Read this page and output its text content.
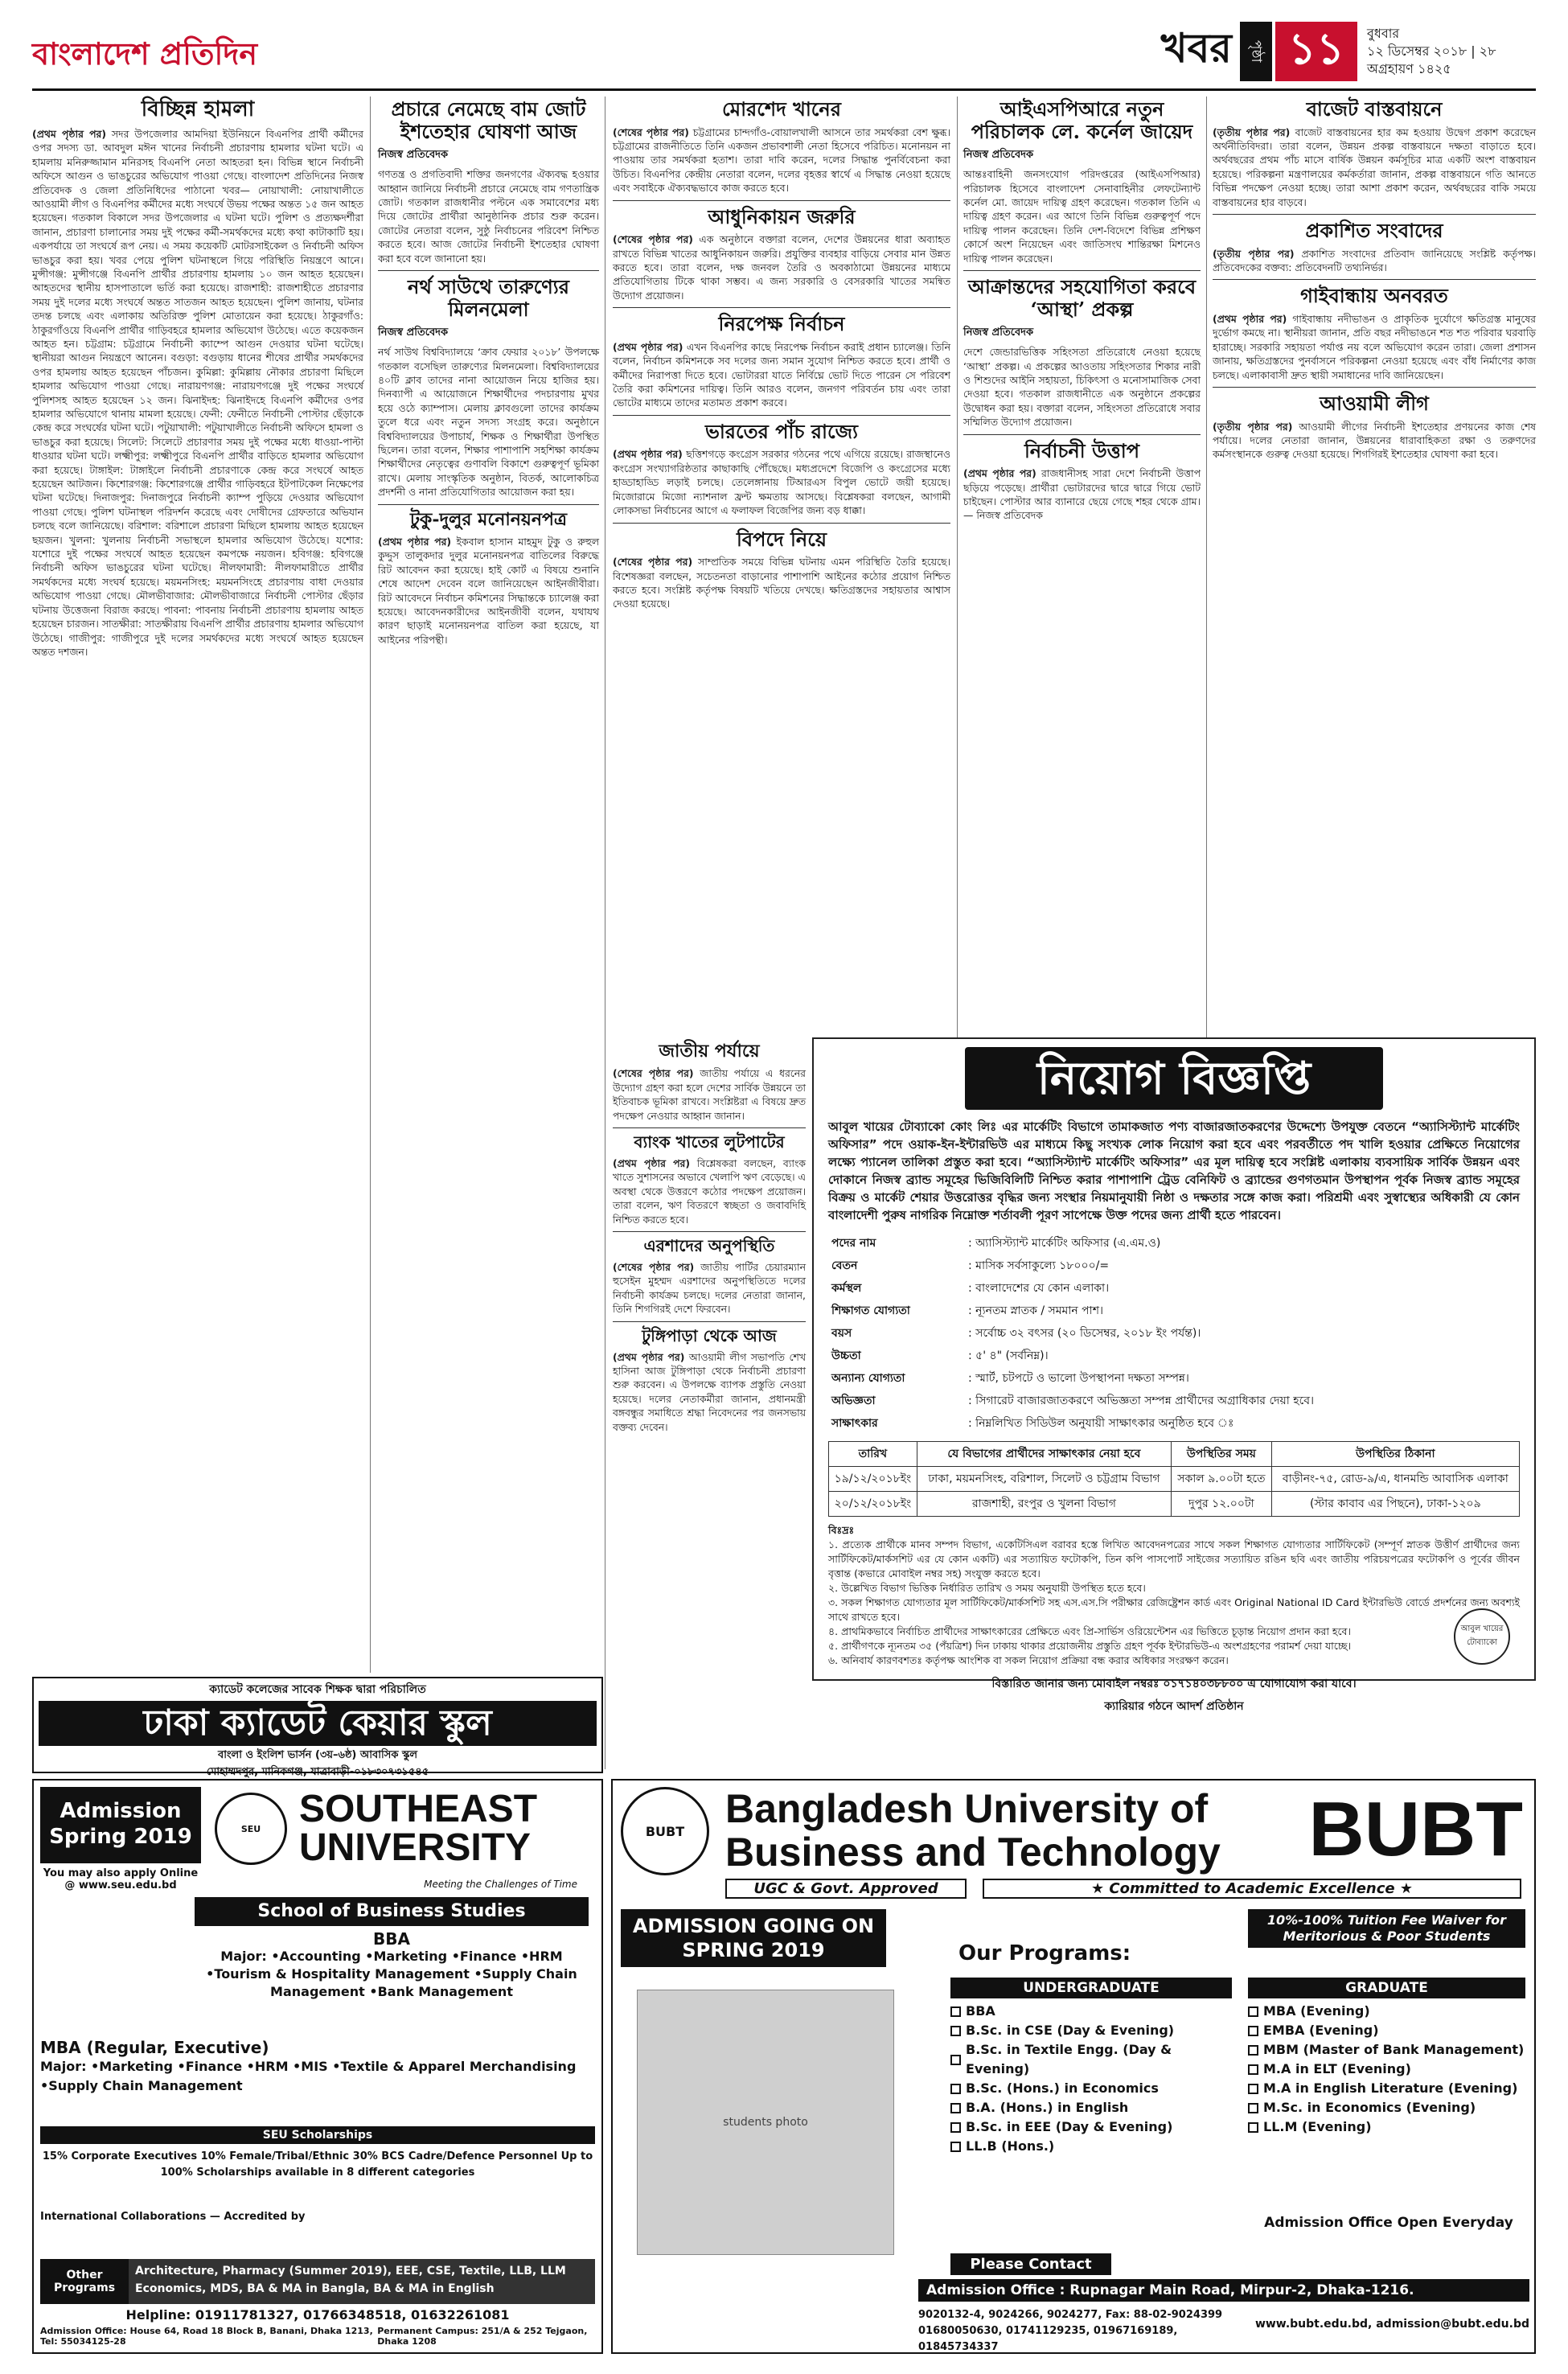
বাংলাদেশ প্রতিদিন	খবর	পৃষ্ঠা ১১	বুধবার
১২ ডিসেম্বর ২০১৮ | ২৮ অগ্রহায়ণ ১৪২৫
বিচ্ছিন্ন হামলা
(প্রথম পৃষ্ঠার পর) সদর উপজেলার আমদিয়া ইউনিয়নে বিএনপির প্রার্থী কর্মীদের ওপর সদস্য ডা. আবদুল মঈন খানের নির্বাচনী প্রচারণায় হামলার ঘটনা ঘটে। এ হামলায় মনিরুজ্জামান মনিরসহ বিএনপি নেতা আহতরা হন। বিভিন্ন স্থানে নির্বাচনী অফিসে আগুন ও ভাঙচুরের অভিযোগ পাওয়া গেছে। বাংলাদেশ প্রতিদিনের নিজস্ব প্রতিবেদক ও জেলা প্রতিনিধিদের পাঠানো খবর— নোয়াখালী: নোয়াখালীতে আওয়ামী লীগ ও বিএনপির কর্মীদের মধ্যে সংঘর্ষে উভয় পক্ষের অন্তত ১৫ জন আহত হয়েছেন। গতকাল বিকালে সদর উপজেলার এ ঘটনা ঘটে। পুলিশ ও প্রত্যক্ষদর্শীরা জানান, প্রচারণা চালানোর সময় দুই পক্ষের কর্মী-সমর্থকদের মধ্যে কথা কাটাকাটি হয়। একপর্যায়ে তা সংঘর্ষে রূপ নেয়। এ সময় কয়েকটি মোটরসাইকেল ও নির্বাচনী অফিস ভাঙচুর করা হয়। খবর পেয়ে পুলিশ ঘটনাস্থলে গিয়ে পরিস্থিতি নিয়ন্ত্রণে আনে। মুন্সীগঞ্জ: মুন্সীগঞ্জে বিএনপি প্রার্থীর প্রচারণায় হামলায় ১০ জন আহত হয়েছেন। আহতদের স্থানীয় হাসপাতালে ভর্তি করা হয়েছে। রাজশাহী: রাজশাহীতে প্রচারণার সময় দুই দলের মধ্যে সংঘর্ষে অন্তত সাতজন আহত হয়েছেন। পুলিশ জানায়, ঘটনার তদন্ত চলছে এবং এলাকায় অতিরিক্ত পুলিশ মোতায়েন করা হয়েছে। ঠাকুরগাঁও: ঠাকুরগাঁওয়ে বিএনপি প্রার্থীর গাড়িবহরে হামলার অভিযোগ উঠেছে। এতে কয়েকজন আহত হন। চট্টগ্রাম: চট্টগ্রামে নির্বাচনী ক্যাম্পে আগুন দেওয়ার ঘটনা ঘটেছে। স্থানীয়রা আগুন নিয়ন্ত্রণে আনেন। বগুড়া: বগুড়ায় ধানের শীষের প্রার্থীর সমর্থকদের ওপর হামলায় আহত হয়েছেন পাঁচজন। কুমিল্লা: কুমিল্লায় নৌকার প্রচারণা মিছিলে হামলার অভিযোগ পাওয়া গেছে। নারায়ণগঞ্জ: নারায়ণগঞ্জে দুই পক্ষের সংঘর্ষে পুলিশসহ আহত হয়েছেন ১২ জন। ঝিনাইদহ: ঝিনাইদহে বিএনপি কর্মীদের ওপর হামলার অভিযোগে থানায় মামলা হয়েছে। ফেনী: ফেনীতে নির্বাচনী পোস্টার ছেঁড়াকে কেন্দ্র করে সংঘর্ষের ঘটনা ঘটে। পটুয়াখালী: পটুয়াখালীতে নির্বাচনী অফিসে হামলা ও ভাঙচুর করা হয়েছে। সিলেট: সিলেটে প্রচারণার সময় দুই পক্ষের মধ্যে ধাওয়া-পাল্টা ধাওয়ার ঘটনা ঘটে। লক্ষ্মীপুর: লক্ষ্মীপুরে বিএনপি প্রার্থীর বাড়িতে হামলার অভিযোগ করা হয়েছে। টাঙ্গাইল: টাঙ্গাইলে নির্বাচনী প্রচারণাকে কেন্দ্র করে সংঘর্ষে আহত হয়েছেন আটজন। কিশোরগঞ্জ: কিশোরগঞ্জে প্রার্থীর গাড়িবহরে ইটপাটকেল নিক্ষেপের ঘটনা ঘটেছে। দিনাজপুর: দিনাজপুরে নির্বাচনী ক্যাম্প পুড়িয়ে দেওয়ার অভিযোগ পাওয়া গেছে। পুলিশ ঘটনাস্থল পরিদর্শন করেছে এবং দোষীদের গ্রেফতারে অভিযান চলছে বলে জানিয়েছে। বরিশাল: বরিশালে প্রচারণা মিছিলে হামলায় আহত হয়েছেন ছয়জন। খুলনা: খুলনায় নির্বাচনী সভাস্থলে হামলার অভিযোগ উঠেছে। যশোর: যশোরে দুই পক্ষের সংঘর্ষে আহত হয়েছেন কমপক্ষে নয়জন। হবিগঞ্জ: হবিগঞ্জে নির্বাচনী অফিস ভাঙচুরের ঘটনা ঘটেছে। নীলফামারী: নীলফামারীতে প্রার্থীর সমর্থকদের মধ্যে সংঘর্ষ হয়েছে। ময়মনসিংহ: ময়মনসিংহে প্রচারণায় বাধা দেওয়ার অভিযোগ পাওয়া গেছে। মৌলভীবাজার: মৌলভীবাজারে নির্বাচনী পোস্টার ছেঁড়ার ঘটনায় উত্তেজনা বিরাজ করছে। পাবনা: পাবনায় নির্বাচনী প্রচারণায় হামলায় আহত হয়েছেন চারজন। সাতক্ষীরা: সাতক্ষীরায় বিএনপি প্রার্থীর প্রচারণায় হামলার অভিযোগ উঠেছে। গাজীপুর: গাজীপুরে দুই দলের সমর্থকদের মধ্যে সংঘর্ষে আহত হয়েছেন অন্তত দশজন।
প্রচারে নেমেছে বাম জোট ইশতেহার ঘোষণা আজ
নিজস্ব প্রতিবেদক
গণতন্ত্র ও প্রগতিবাদী শক্তির জনগণের ঐক্যবদ্ধ হওয়ার আহ্বান জানিয়ে নির্বাচনী প্রচারে নেমেছে বাম গণতান্ত্রিক জোট। গতকাল রাজধানীর পল্টনে এক সমাবেশের মধ্য দিয়ে জোটের প্রার্থীরা আনুষ্ঠানিক প্রচার শুরু করেন। জোটের নেতারা বলেন, সুষ্ঠু নির্বাচনের পরিবেশ নিশ্চিত করতে হবে। আজ জোটের নির্বাচনী ইশতেহার ঘোষণা করা হবে বলে জানানো হয়।
নর্থ সাউথে তারুণ্যের মিলনমেলা
নিজস্ব প্রতিবেদক
নর্থ সাউথ বিশ্ববিদ্যালয়ে ‘ক্রাব ফেয়ার ২০১৮’ উপলক্ষে গতকাল বসেছিল তারুণ্যের মিলনমেলা। বিশ্ববিদ্যালয়ের ৪০টি ক্লাব তাদের নানা আয়োজন নিয়ে হাজির হয়। দিনব্যাপী এ আয়োজনে শিক্ষার্থীদের পদচারণায় মুখর হয়ে ওঠে ক্যাম্পাস। মেলায় ক্লাবগুলো তাদের কার্যক্রম তুলে ধরে এবং নতুন সদস্য সংগ্রহ করে। অনুষ্ঠানে বিশ্ববিদ্যালয়ের উপাচার্য, শিক্ষক ও শিক্ষার্থীরা উপস্থিত ছিলেন। তারা বলেন, শিক্ষার পাশাপাশি সহশিক্ষা কার্যক্রম শিক্ষার্থীদের নেতৃত্বের গুণাবলি বিকাশে গুরুত্বপূর্ণ ভূমিকা রাখে। মেলায় সাংস্কৃতিক অনুষ্ঠান, বিতর্ক, আলোকচিত্র প্রদর্শনী ও নানা প্রতিযোগিতার আয়োজন করা হয়।
টুকু-দুলুর মনোনয়নপত্র
(প্রথম পৃষ্ঠার পর) ইকবাল হাসান মাহমুদ টুকু ও রুহুল কুদ্দুস তালুকদার দুলুর মনোনয়নপত্র বাতিলের বিরুদ্ধে রিট আবেদন করা হয়েছে। হাই কোর্ট এ বিষয়ে শুনানি শেষে আদেশ দেবেন বলে জানিয়েছেন আইনজীবীরা। রিট আবেদনে নির্বাচন কমিশনের সিদ্ধান্তকে চ্যালেঞ্জ করা হয়েছে। আবেদনকারীদের আইনজীবী বলেন, যথাযথ কারণ ছাড়াই মনোনয়নপত্র বাতিল করা হয়েছে, যা আইনের পরিপন্থী।
মোরশেদ খানের
(শেষের পৃষ্ঠার পর) চট্টগ্রামের চান্দগাঁও-বোয়ালখালী আসনে তার সমর্থকরা বেশ ক্ষুব্ধ। চট্টগ্রামের রাজনীতিতে তিনি একজন প্রভাবশালী নেতা হিসেবে পরিচিত। মনোনয়ন না পাওয়ায় তার সমর্থকরা হতাশ। তারা দাবি করেন, দলের সিদ্ধান্ত পুনর্বিবেচনা করা উচিত। বিএনপির কেন্দ্রীয় নেতারা বলেন, দলের বৃহত্তর স্বার্থে এ সিদ্ধান্ত নেওয়া হয়েছে এবং সবাইকে ঐক্যবদ্ধভাবে কাজ করতে হবে।
আধুনিকায়ন জরুরি
(শেষের পৃষ্ঠার পর) এক অনুষ্ঠানে বক্তারা বলেন, দেশের উন্নয়নের ধারা অব্যাহত রাখতে বিভিন্ন খাতের আধুনিকায়ন জরুরি। প্রযুক্তির ব্যবহার বাড়িয়ে সেবার মান উন্নত করতে হবে। তারা বলেন, দক্ষ জনবল তৈরি ও অবকাঠামো উন্নয়নের মাধ্যমে প্রতিযোগিতায় টিকে থাকা সম্ভব। এ জন্য সরকারি ও বেসরকারি খাতের সমন্বিত উদ্যোগ প্রয়োজন।
নিরপেক্ষ নির্বাচন
(প্রথম পৃষ্ঠার পর) এখন বিএনপির কাছে নিরপেক্ষ নির্বাচন করাই প্রধান চ্যালেঞ্জ। তিনি বলেন, নির্বাচন কমিশনকে সব দলের জন্য সমান সুযোগ নিশ্চিত করতে হবে। প্রার্থী ও কর্মীদের নিরাপত্তা দিতে হবে। ভোটাররা যাতে নির্বিঘ্নে ভোট দিতে পারেন সে পরিবেশ তৈরি করা কমিশনের দায়িত্ব। তিনি আরও বলেন, জনগণ পরিবর্তন চায় এবং তারা ভোটের মাধ্যমে তাদের মতামত প্রকাশ করবে।
ভারতের পাঁচ রাজ্যে
(প্রথম পৃষ্ঠার পর) ছত্তিশগড়ে কংগ্রেস সরকার গঠনের পথে এগিয়ে রয়েছে। রাজস্থানেও কংগ্রেস সংখ্যাগরিষ্ঠতার কাছাকাছি পৌঁছেছে। মধ্যপ্রদেশে বিজেপি ও কংগ্রেসের মধ্যে হাড্ডাহাড্ডি লড়াই চলছে। তেলেঙ্গানায় টিআরএস বিপুল ভোটে জয়ী হয়েছে। মিজোরামে মিজো ন্যাশনাল ফ্রন্ট ক্ষমতায় আসছে। বিশ্লেষকরা বলছেন, আগামী লোকসভা নির্বাচনের আগে এ ফলাফল বিজেপির জন্য বড় ধাক্কা।
বিপদে নিয়ে
(শেষের পৃষ্ঠার পর) সাম্প্রতিক সময়ে বিভিন্ন ঘটনায় এমন পরিস্থিতি তৈরি হয়েছে। বিশেষজ্ঞরা বলছেন, সচেতনতা বাড়ানোর পাশাপাশি আইনের কঠোর প্রয়োগ নিশ্চিত করতে হবে। সংশ্লিষ্ট কর্তৃপক্ষ বিষয়টি খতিয়ে দেখছে। ক্ষতিগ্রস্তদের সহায়তার আশ্বাস দেওয়া হয়েছে।
জাতীয় পর্যায়ে
(শেষের পৃষ্ঠার পর) জাতীয় পর্যায়ে এ ধরনের উদ্যোগ গ্রহণ করা হলে দেশের সার্বিক উন্নয়নে তা ইতিবাচক ভূমিকা রাখবে। সংশ্লিষ্টরা এ বিষয়ে দ্রুত পদক্ষেপ নেওয়ার আহ্বান জানান।
ব্যাংক খাতের লুটপাটের
(প্রথম পৃষ্ঠার পর) বিশ্লেষকরা বলছেন, ব্যাংক খাতে সুশাসনের অভাবে খেলাপি ঋণ বেড়েছে। এ অবস্থা থেকে উত্তরণে কঠোর পদক্ষেপ প্রয়োজন। তারা বলেন, ঋণ বিতরণে স্বচ্ছতা ও জবাবদিহি নিশ্চিত করতে হবে।
এরশাদের অনুপস্থিতি
(শেষের পৃষ্ঠার পর) জাতীয় পার্টির চেয়ারম্যান হুসেইন মুহম্মদ এরশাদের অনুপস্থিতিতে দলের নির্বাচনী কার্যক্রম চলছে। দলের নেতারা জানান, তিনি শিগগিরই দেশে ফিরবেন।
টুঙ্গিপাড়া থেকে আজ
(প্রথম পৃষ্ঠার পর) আওয়ামী লীগ সভাপতি শেখ হাসিনা আজ টুঙ্গিপাড়া থেকে নির্বাচনী প্রচারণা শুরু করবেন। এ উপলক্ষে ব্যাপক প্রস্তুতি নেওয়া হয়েছে। দলের নেতাকর্মীরা জানান, প্রধানমন্ত্রী বঙ্গবন্ধুর সমাধিতে শ্রদ্ধা নিবেদনের পর জনসভায় বক্তব্য দেবেন।
আইএসপিআরে নতুন পরিচালক লে. কর্নেল জায়েদ
নিজস্ব প্রতিবেদক
আন্তঃবাহিনী জনসংযোগ পরিদপ্তরের (আইএসপিআর) পরিচালক হিসেবে বাংলাদেশ সেনাবাহিনীর লেফটেন্যান্ট কর্নেল মো. জায়েদ দায়িত্ব গ্রহণ করেছেন। গতকাল তিনি এ দায়িত্ব গ্রহণ করেন। এর আগে তিনি বিভিন্ন গুরুত্বপূর্ণ পদে দায়িত্ব পালন করেছেন। তিনি দেশ-বিদেশে বিভিন্ন প্রশিক্ষণ কোর্সে অংশ নিয়েছেন এবং জাতিসংঘ শান্তিরক্ষা মিশনেও দায়িত্ব পালন করেছেন।
আক্রান্তদের সহযোগিতা করবে ‘আস্থা’ প্রকল্প
নিজস্ব প্রতিবেদক
দেশে জেন্ডারভিত্তিক সহিংসতা প্রতিরোধে নেওয়া হয়েছে ‘আস্থা’ প্রকল্প। এ প্রকল্পের আওতায় সহিংসতার শিকার নারী ও শিশুদের আইনি সহায়তা, চিকিৎসা ও মনোসামাজিক সেবা দেওয়া হবে। গতকাল রাজধানীতে এক অনুষ্ঠানে প্রকল্পের উদ্বোধন করা হয়। বক্তারা বলেন, সহিংসতা প্রতিরোধে সবার সম্মিলিত উদ্যোগ প্রয়োজন।
নির্বাচনী উত্তাপ
(প্রথম পৃষ্ঠার পর) রাজধানীসহ সারা দেশে নির্বাচনী উত্তাপ ছড়িয়ে পড়েছে। প্রার্থীরা ভোটারদের দ্বারে দ্বারে গিয়ে ভোট চাইছেন। পোস্টার আর ব্যানারে ছেয়ে গেছে শহর থেকে গ্রাম। — নিজস্ব প্রতিবেদক
বাজেট বাস্তবায়নে
(তৃতীয় পৃষ্ঠার পর) বাজেট বাস্তবায়নের হার কম হওয়ায় উদ্বেগ প্রকাশ করেছেন অর্থনীতিবিদরা। তারা বলেন, উন্নয়ন প্রকল্প বাস্তবায়নে দক্ষতা বাড়াতে হবে। অর্থবছরের প্রথম পাঁচ মাসে বার্ষিক উন্নয়ন কর্মসূচির মাত্র একটি অংশ বাস্তবায়ন হয়েছে। পরিকল্পনা মন্ত্রণালয়ের কর্মকর্তারা জানান, প্রকল্প বাস্তবায়নে গতি আনতে বিভিন্ন পদক্ষেপ নেওয়া হচ্ছে। তারা আশা প্রকাশ করেন, অর্থবছরের বাকি সময়ে বাস্তবায়নের হার বাড়বে।
প্রকাশিত সংবাদের
(তৃতীয় পৃষ্ঠার পর) প্রকাশিত সংবাদের প্রতিবাদ জানিয়েছে সংশ্লিষ্ট কর্তৃপক্ষ। প্রতিবেদকের বক্তব্য: প্রতিবেদনটি তথ্যনির্ভর।
গাইবান্ধায় অনবরত
(প্রথম পৃষ্ঠার পর) গাইবান্ধায় নদীভাঙন ও প্রাকৃতিক দুর্যোগে ক্ষতিগ্রস্ত মানুষের দুর্ভোগ কমছে না। স্থানীয়রা জানান, প্রতি বছর নদীভাঙনে শত শত পরিবার ঘরবাড়ি হারাচ্ছে। সরকারি সহায়তা পর্যাপ্ত নয় বলে অভিযোগ করেন তারা। জেলা প্রশাসন জানায়, ক্ষতিগ্রস্তদের পুনর্বাসনে পরিকল্পনা নেওয়া হয়েছে এবং বাঁধ নির্মাণের কাজ চলছে। এলাকাবাসী দ্রুত স্থায়ী সমাধানের দাবি জানিয়েছেন।
আওয়ামী লীগ
(তৃতীয় পৃষ্ঠার পর) আওয়ামী লীগের নির্বাচনী ইশতেহার প্রণয়নের কাজ শেষ পর্যায়ে। দলের নেতারা জানান, উন্নয়নের ধারাবাহিকতা রক্ষা ও তরুণদের কর্মসংস্থানকে গুরুত্ব দেওয়া হয়েছে। শিগগিরই ইশতেহার ঘোষণা করা হবে।
নিয়োগ বিজ্ঞপ্তি
আবুল খায়ের টোব্যাকো কোং লিঃ এর মার্কেটিং বিভাগে তামাকজাত পণ্য বাজারজাতকরণের উদ্দেশ্যে উপযুক্ত বেতনে “অ্যাসিস্ট্যান্ট মার্কেটিং অফিসার” পদে ওয়াক-ইন-ইন্টারভিউ এর মাধ্যমে কিছু সংখ্যক লোক নিয়োগ করা হবে এবং পরবর্তীতে পদ খালি হওয়ার প্রেক্ষিতে নিয়োগের লক্ষ্যে প্যানেল তালিকা প্রস্তুত করা হবে। “অ্যাসিস্ট্যান্ট মার্কেটিং অফিসার” এর মূল দায়িত্ব হবে সংশ্লিষ্ট এলাকায় ব্যবসায়িক সার্বিক উন্নয়ন এবং দোকানে নিজস্ব ব্র্যান্ড সমূহের ভিজিবিলিটি নিশ্চিত করার পাশাপাশি ট্রেড বেনিফিট ও ব্র্যান্ডের গুণগতমান উপস্থাপন পূর্বক নিজস্ব ব্র্যান্ড সমূহের বিক্রয় ও মার্কেট শেয়ার উত্তরোত্তর বৃদ্ধির জন্য সংস্থার নিয়মানুযায়ী নিষ্ঠা ও দক্ষতার সঙ্গে কাজ করা। পরিশ্রমী এবং সুস্বাস্থ্যের অধিকারী যে কোন বাংলাদেশী পুরুষ নাগরিক নিম্নোক্ত শর্তাবলী পূরণ সাপেক্ষে উক্ত পদের জন্য প্রার্থী হতে পারবেন।
পদের নাম	: অ্যাসিস্ট্যান্ট মার্কেটিং অফিসার (এ.এম.ও)
বেতন	: মাসিক সর্বসাকুল্যে ১৮০০০/=
কর্মস্থল	: বাংলাদেশের যে কোন এলাকা।
শিক্ষাগত যোগ্যতা	: ন্যূনতম স্নাতক / সমমান পাশ।
বয়স	: সর্বোচ্চ ৩২ বৎসর (২০ ডিসেম্বর, ২০১৮ ইং পর্যন্ত)।
উচ্চতা	: ৫' ৪" (সর্বনিম্ন)।
অন্যান্য যোগ্যতা	: স্মার্ট, চটপটে ও ভালো উপস্থাপনা দক্ষতা সম্পন্ন।
অভিজ্ঞতা	: সিগারেট বাজারজাতকরণে অভিজ্ঞতা সম্পন্ন প্রার্থীদের অগ্রাধিকার দেয়া হবে।
সাক্ষাৎকার	: নিম্নলিখিত সিডিউল অনুযায়ী সাক্ষাৎকার অনুষ্ঠিত হবে ঃ
তারিখ	যে বিভাগের প্রার্থীদের সাক্ষাৎকার নেয়া হবে	উপস্থিতির সময়	উপস্থিতির ঠিকানা
১৯/১২/২০১৮ইং	ঢাকা, ময়মনসিংহ, বরিশাল, সিলেট ও চট্টগ্রাম বিভাগ	সকাল ৯.০০টা হতে	বাড়ীনং-৭৫, রোড-৯/এ, ধানমন্ডি আবাসিক এলাকা
২০/১২/২০১৮ইং	রাজশাহী, রংপুর ও খুলনা বিভাগ	দুপুর ১২.০০টা	(স্টার কাবাব এর পিছনে), ঢাকা-১২০৯
বিঃদ্রঃ
১. প্রত্যেক প্রার্থীকে মানব সম্পদ বিভাগ, একেটিসিএল বরাবর হস্তে লিখিত আবেদনপত্রের সাথে সকল শিক্ষাগত যোগ্যতার সার্টিফিকেট (সম্পূর্ণ স্নাতক উত্তীর্ণ প্রার্থীদের জন্য সার্টিফিকেট/মার্কসশিট এর যে কোন একটি) এর সত্যায়িত ফটোকপি, তিন কপি পাসপোর্ট সাইজের সত্যায়িত রঙিন ছবি এবং জাতীয় পরিচয়পত্রের ফটোকপি ও পূর্বের জীবন বৃত্তান্ত (কভারে মোবাইল নম্বর সহ) সংযুক্ত করতে হবে।
২. উল্লেখিত বিভাগ ভিত্তিক নির্ধারিত তারিখ ও সময় অনুযায়ী উপস্থিত হতে হবে।
৩. সকল শিক্ষাগত যোগ্যতার মূল সার্টিফিকেট/মার্কসশিট সহ এস.এস.সি পরীক্ষার রেজিষ্ট্রেশন কার্ড এবং Original National ID Card ইন্টারভিউ বোর্ডে প্রদর্শনের জন্য অবশ্যই সাথে রাখতে হবে।
৪. প্রাথমিকভাবে নির্বাচিত প্রার্থীদের সাক্ষাৎকারের প্রেক্ষিতে এবং প্রি-সার্ভিস ওরিয়েন্টেশন এর ভিত্তিতে চূড়ান্ত নিয়োগ প্রদান করা হবে।
৫. প্রার্থীগণকে ন্যূনতম ৩৫ (পঁয়ত্রিশ) দিন ঢাকায় থাকার প্রয়োজনীয় প্রস্তুতি গ্রহণ পূর্বক ইন্টারভিউ-এ অংশগ্রহণের পরামর্শ দেয়া যাচ্ছে।
৬. অনিবার্য কারণবশতঃ কর্তৃপক্ষ আংশিক বা সকল নিয়োগ প্রক্রিয়া বন্ধ করার অধিকার সংরক্ষণ করেন।
বিস্তারিত জানার জন্য মোবাইল নম্বরঃ ০১৭১৪০৩৮৮০০ এ যোগাযোগ করা যাবে।
ক্যারিয়ার গঠনে আদর্শ প্রতিষ্ঠান
আবুল খায়ের টোব্যাকো
ক্যাডেট কলেজের সাবেক শিক্ষক দ্বারা পরিচালিত
ঢাকা ক্যাডেট কেয়ার স্কুল
বাংলা ও ইংলিশ ভার্সন (৩য়–৬ষ্ঠ) আবাসিক স্কুল
মোহাম্মদপুর, মানিকগঞ্জ, যাত্রাবাড়ী-০১৮৩০৭৩১৫৪৫
Admission Spring 2019
You may also apply Online @ www.seu.edu.bd
SEU SOUTHEAST UNIVERSITY
Meeting the Challenges of Time
School of Business Studies
BBA
Major: •Accounting •Marketing •Finance •HRM •Tourism & Hospitality Management •Supply Chain Management •Bank Management
MBA (Regular, Executive)
Major: •Marketing •Finance •HRM •MIS •Textile & Apparel Merchandising •Supply Chain Management
SEU Scholarships
15% Corporate Executives 10% Female/Tribal/Ethnic 30% BCS Cadre/Defence Personnel Up to 100% Scholarships available in 8 different categories
International Collaborations — Accredited by
Other Programs
Architecture, Pharmacy (Summer 2019), EEE, CSE, Textile, LLB, LLM Economics, MDS, BA & MA in Bangla, BA & MA in English
Helpline: 01911781327, 01766348518, 01632261081
Admission Office: House 64, Road 18 Block B, Banani, Dhaka 1213, Tel: 55034125-28
Permanent Campus: 251/A & 252 Tejgaon, Dhaka 1208
BUBT	Bangladesh University of Business and Technology	BUBT
UGC & Govt. Approved	★ Committed to Academic Excellence ★
ADMISSION GOING ON SPRING 2019
10%-100% Tuition Fee Waiver for Meritorious & Poor Students
students photo
Our Programs:
UNDERGRADUATE
BBA
B.Sc. in CSE (Day & Evening)
B.Sc. in Textile Engg. (Day & Evening)
B.Sc. (Hons.) in Economics
B.A. (Hons.) in English
B.Sc. in EEE (Day & Evening)
LL.B (Hons.)
GRADUATE
MBA (Evening)
EMBA (Evening)
MBM (Master of Bank Management)
M.A in ELT (Evening)
M.A in English Literature (Evening)
M.Sc. in Economics (Evening)
LL.M (Evening)
Admission Office Open Everyday
Please Contact
Admission Office : Rupnagar Main Road, Mirpur-2, Dhaka-1216.
9020132-4, 9024266, 9024277, Fax: 88-02-9024399 01680050630, 01741129235, 01967169189, 01845734337
www.bubt.edu.bd, admission@bubt.edu.bd
